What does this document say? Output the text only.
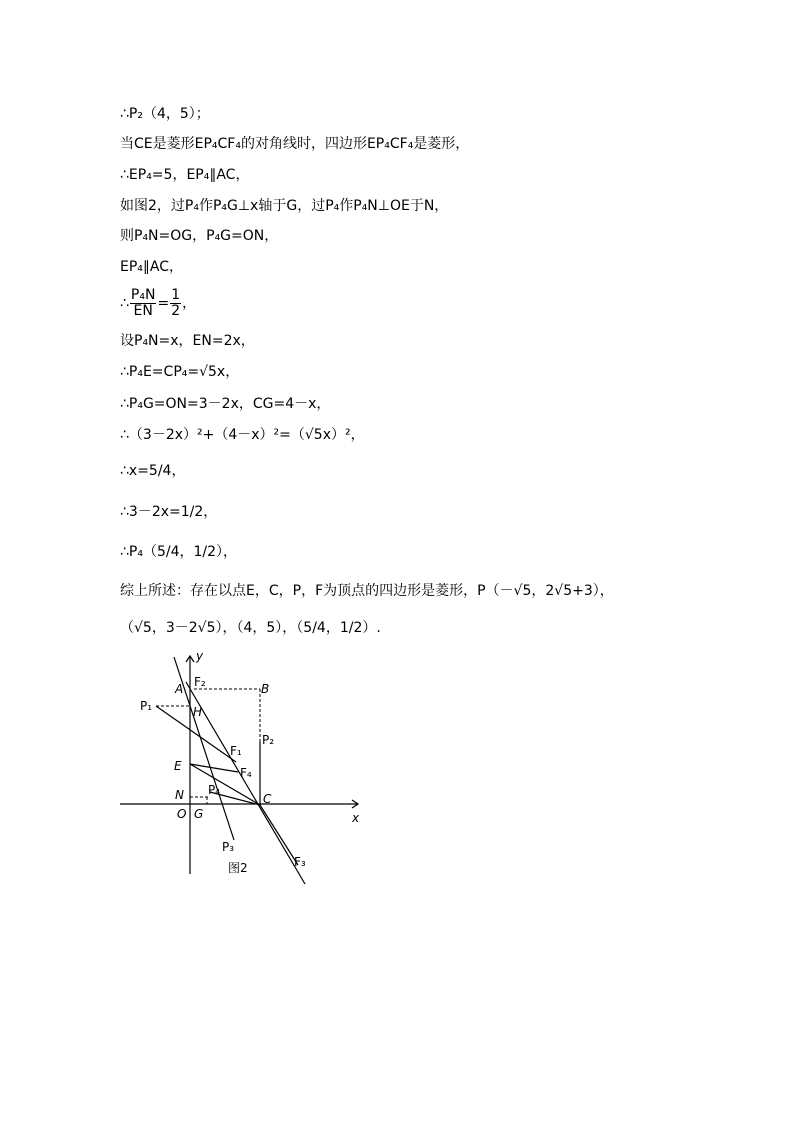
∴P₂（4，5）；
当CE是菱形EP₄CF₄的对角线时，四边形EP₄CF₄是菱形，
∴EP₄=5，EP₄∥AC，
如图2，过P₄作P₄G⊥x轴于G，过P₄作P₄N⊥OE于N，
则P₄N=OG，P₄G=ON，
EP₄∥AC，
∴ $\frac{\text{P₄N}}{EN} = \frac{1}{2}$ ，
设P₄N=x，EN=2x，
∴P₄E=CP₄=√5x，
∴P₄G=ON=3－2x，CG=4－x，
∴（3－2x）²+（4－x）²=（√5x）²，
∴x=5/4，
∴3－2x=1/2，
∴P₄（5/4，1/2），
综上所述：存在以点E，C，P，F为顶点的四边形是菱形，P（－√5，2√5+3），
（√5，3－2√5），（4，5），（5/4，1/2）.
y
x
A F₂	B
P₁	H
F₁
P₂
E	F₄
N P₄
C
O G
P₃
F₃
图2
